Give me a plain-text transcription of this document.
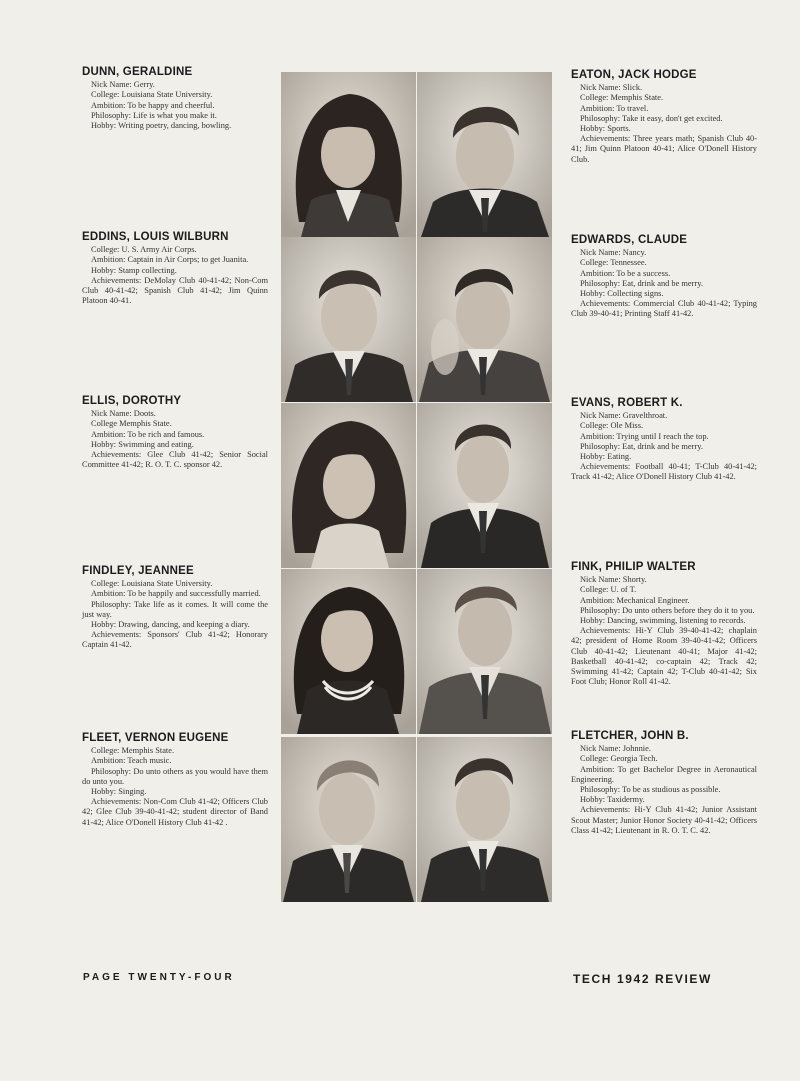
DUNN, GERALDINE
Nick Name: Gerry.
College: Louisiana State University.
Ambition: To be happy and cheerful.
Philosophy: Life is what you make it.
Hobby: Writing poetry, dancing, bowling.
EDDINS, LOUIS WILBURN
College: U. S. Army Air Corps.
Ambition: Captain in Air Corps; to get Juanita.
Hobby: Stamp collecting.
Achievements: DeMolay Club 40-41-42; Non-Com Club 40-41-42; Spanish Club 41-42; Jim Quinn Platoon 40-41.
ELLIS, DOROTHY
Nick Name: Doots.
College Memphis State.
Ambition: To be rich and famous.
Hobby: Swimming and eating.
Achievements: Glee Club 41-42; Senior Social Committee 41-42; R. O. T. C. sponsor 42.
FINDLEY, JEANNEE
College: Louisiana State University.
Ambition: To be happily and successfully married.
Philosophy: Take life as it comes. It will come the just way.
Hobby: Drawing, dancing, and keeping a diary.
Achievements: Sponsors' Club 41-42; Honorary Captain 41-42.
FLEET, VERNON EUGENE
College: Memphis State.
Ambition: Teach music.
Philosophy: Do unto others as you would have them do unto you.
Hobby: Singing.
Achievements: Non-Com Club 41-42; Officers Club 42; Glee Club 39-40-41-42; student director of Band 41-42; Alice O'Donell History Club 41-42 .
EATON, JACK HODGE
Nick Name: Slick.
College: Memphis State.
Ambition: To travel.
Philosophy: Take it easy, don't get excited.
Hobby: Sports.
Achievements: Three years math; Spanish Club 40-41; Jim Quinn Platoon 40-41; Alice O'Donell History Club.
EDWARDS, CLAUDE
Nick Name: Nancy.
College: Tennessee.
Ambition: To be a success.
Philosophy: Eat, drink and be merry.
Hobby: Collecting signs.
Achievements: Commercial Club 40-41-42; Typing Club 39-40-41; Printing Staff 41-42.
EVANS, ROBERT K.
Nick Name: Gravelthroat.
College: Ole Miss.
Ambition: Trying until I reach the top.
Philosophy: Eat, drink and be merry.
Hobby: Eating.
Achievements: Football 40-41; T-Club 40-41-42; Track 41-42; Alice O'Donell History Club 41-42.
FINK, PHILIP WALTER
Nick Name: Shorty.
College: U. of T.
Ambition: Mechanical Engineer.
Philosophy: Do unto others before they do it to you.
Hobby: Dancing, swimming, listening to records.
Achievements: Hi-Y Club 39-40-41-42; chaplain 42; president of Home Room 39-40-41-42; Officers Club 40-41-42; Lieutenant 40-41; Major 41-42; Basketball 40-41-42; co-captain 42; Track 42; Swimming 41-42; Captain 42; T-Club 40-41-42; Six Foot Club; Honor Roll 41-42.
FLETCHER, JOHN B.
Nick Name: Johnnie.
College: Georgia Tech.
Ambition: To get Bachelor Degree in Aeronautical Engineering.
Philosophy: To be as studious as possible.
Hobby: Taxidermy.
Achievements: Hi-Y Club 41-42; Junior Assistant Scout Master; Junior Honor Society 40-41-42; Officers Class 41-42; Lieutenant in R. O. T. C. 42.
PAGE TWENTY-FOUR	TECH 1942 REVIEW
